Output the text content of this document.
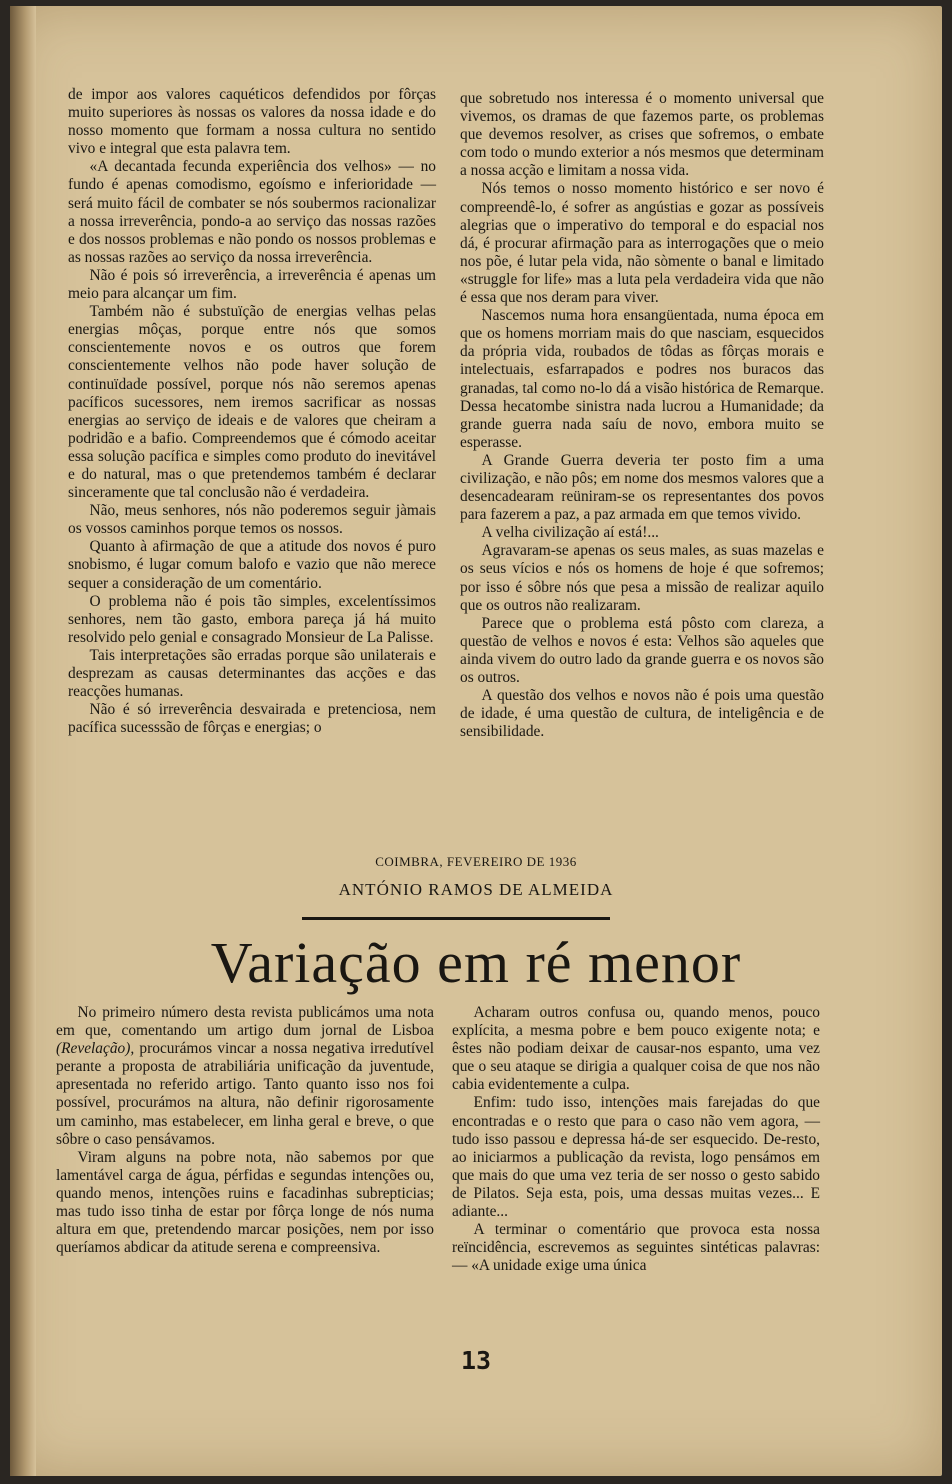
de impor aos valores caquéticos defendidos por fôrças muito superiores às nossas os valores da nossa idade e do nosso momento que formam a nossa cultura no sentido vivo e integral que esta palavra tem.

«A decantada fecunda experiência dos velhos» — no fundo é apenas comodismo, egoísmo e inferioridade — será muito fácil de combater se nós soubermos racionalizar a nossa irreverência, pondo-a ao serviço das nossas razões e dos nossos problemas e não pondo os nossos problemas e as nossas razões ao serviço da nossa irreverência.

Não é pois só irreverência, a irreverência é apenas um meio para alcançar um fim.

Também não é substuïção de energias velhas pelas energias môças, porque entre nós que somos conscientemente novos e os outros que forem conscientemente velhos não pode haver solução de continuïdade possível, porque nós não seremos apenas pacíficos sucessores, nem iremos sacrificar as nossas energias ao serviço de ideais e de valores que cheiram a podridão e a bafio. Compreendemos que é cómodo aceitar essa solução pacífica e simples como produto do inevitável e do natural, mas o que pretendemos também é declarar sinceramente que tal conclusão não é verdadeira.

Não, meus senhores, nós não poderemos seguir jàmais os vossos caminhos porque temos os nossos.

Quanto à afirmação de que a atitude dos novos é puro snobismo, é lugar comum balofo e vazio que não merece sequer a consideração de um comentário.

O problema não é pois tão simples, excelentíssimos senhores, nem tão gasto, embora pareça já há muito resolvido pelo genial e consagrado Monsieur de La Palisse.

Tais interpretações são erradas porque são unilaterais e desprezam as causas determinantes das acções e das reacções humanas.

Não é só irreverência desvairada e pretenciosa, nem pacífica sucesssão de fôrças e energias; o

que sobretudo nos interessa é o momento universal que vivemos, os dramas de que fazemos parte, os problemas que devemos resolver, as crises que sofremos, o embate com todo o mundo exterior a nós mesmos que determinam a nossa acção e limitam a nossa vida.

Nós temos o nosso momento histórico e ser novo é compreendê-lo, é sofrer as angústias e gozar as possíveis alegrias que o imperativo do temporal e do espacial nos dá, é procurar afirmação para as interrogações que o meio nos põe, é lutar pela vida, não sòmente o banal e limitado «struggle for life» mas a luta pela verdadeira vida que não é essa que nos deram para viver.

Nascemos numa hora ensangüentada, numa época em que os homens morriam mais do que nasciam, esquecidos da própria vida, roubados de tôdas as fôrças morais e intelectuais, esfarrapados e podres nos buracos das granadas, tal como no-lo dá a visão histórica de Remarque. Dessa hecatombe sinistra nada lucrou a Humanidade; da grande guerra nada saíu de novo, embora muito se esperasse.

A Grande Guerra deveria ter posto fim a uma civilização, e não pôs; em nome dos mesmos valores que a desencadearam reüniram-se os representantes dos povos para fazerem a paz, a paz armada em que temos vivido.

A velha civilização aí está!...

Agravaram-se apenas os seus males, as suas mazelas e os seus vícios e nós os homens de hoje é que sofremos; por isso é sôbre nós que pesa a missão de realizar aquilo que os outros não realizaram.

Parece que o problema está pôsto com clareza, a questão de velhos e novos é esta: Velhos são aqueles que ainda vivem do outro lado da grande guerra e os novos são os outros.

A questão dos velhos e novos não é pois uma questão de idade, é uma questão de cultura, de inteligência e de sensibilidade.

COIMBRA, FEVEREIRO DE 1936
ANTÓNIO RAMOS DE ALMEIDA
Variação em ré menor

No primeiro número desta revista publicámos uma nota em que, comentando um artigo dum jornal de Lisboa (Revelação), procurámos vincar a nossa negativa irredutível perante a proposta de atrabiliária unificação da juventude, apresentada no referido artigo. Tanto quanto isso nos foi possível, procurámos na altura, não definir rigorosamente um caminho, mas estabelecer, em linha geral e breve, o que sôbre o caso pensávamos.

Viram alguns na pobre nota, não sabemos por que lamentável carga de água, pérfidas e segundas intenções ou, quando menos, intenções ruins e facadinhas subrepticias; mas tudo isso tinha de estar por fôrça longe de nós numa altura em que, pretendendo marcar posições, nem por isso queríamos abdicar da atitude serena e compreensiva.

Acharam outros confusa ou, quando menos, pouco explícita, a mesma pobre e bem pouco exigente nota; e êstes não podiam deixar de causar-nos espanto, uma vez que o seu ataque se dirigia a qualquer coisa de que nos não cabia evidentemente a culpa.

Enfim: tudo isso, intenções mais farejadas do que encontradas e o resto que para o caso não vem agora, — tudo isso passou e depressa há-de ser esquecido. De-resto, ao iniciarmos a publicação da revista, logo pensámos em que mais do que uma vez teria de ser nosso o gesto sabido de Pilatos. Seja esta, pois, uma dessas muitas vezes... E adiante...

A terminar o comentário que provoca esta nossa reïncidência, escrevemos as seguintes sintéticas palavras: — «A unidade exige uma única

13
